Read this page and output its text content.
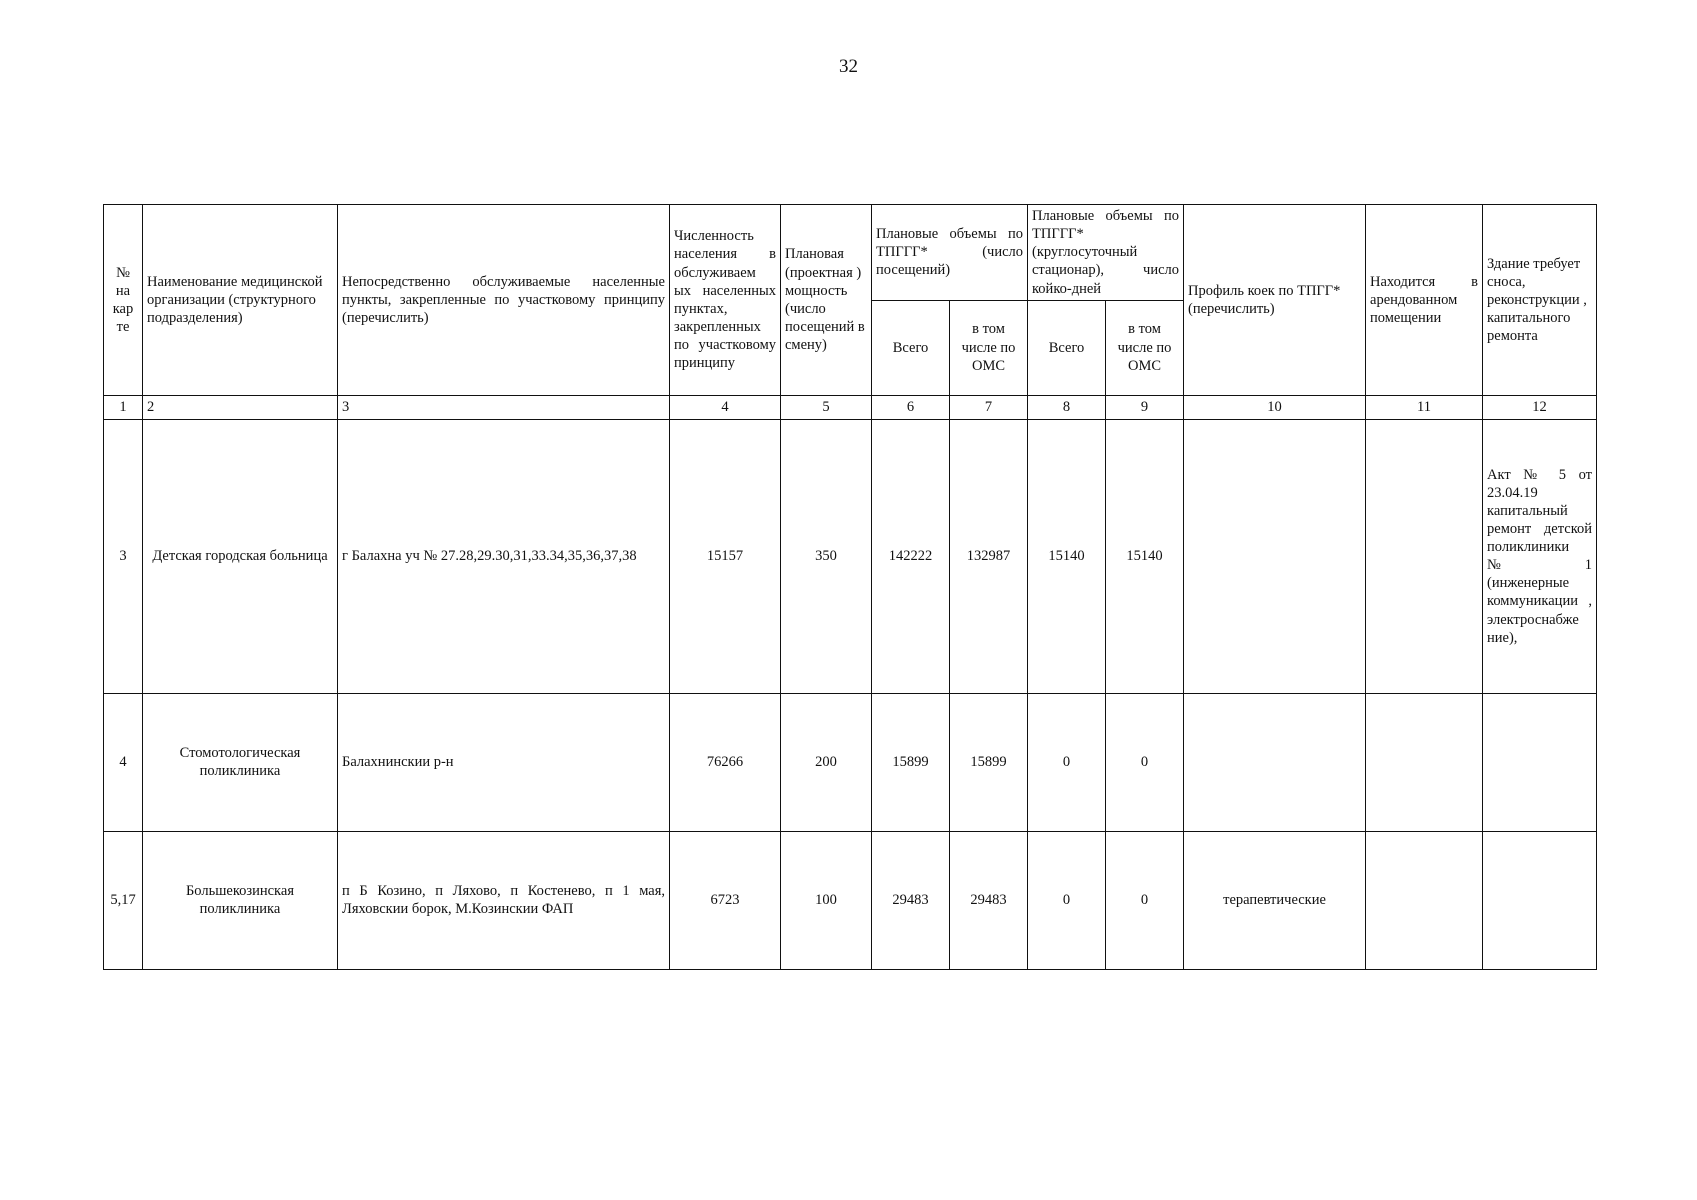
32
№ на кар те	Наименование медицинской организации (структурного подразделения)	Непосредственно обслуживаемые населенные пункты, закрепленные по участковому принципу (перечислить)	Численность населения в обслуживаем ых населенных пунктах, закрепленных по участковому принципу	Плановая (проектная ) мощность (число посещений в смену)	Плановые объемы по ТПГГГ* (число посещений)		Плановые объемы по ТПГГГ* (круглосуточный стационар), число койко-дней		Профиль коек по ТПГГ* (перечислить)	Находится в арендованном помещении	Здание требует сноса, реконструкции , капитального ремонта
					Всего	в том числе по ОМС	Всего	в том числе по ОМС			
1	2	3	4	5	6	7	8	9	10	11	12
3	Детская городская больница	г Балахна уч № 27.28,29.30,31,33.34,35,36,37,38	15157	350	142222	132987	15140	15140			Акт № 5 от 23.04.19 капитальный ремонт детской поликлиники №1 (инженерные коммуникации , электроснабже ние),
4	Стомотологическая поликлиника	Балахнинскии р-н	76266	200	15899	15899	0	0			
5,17	Большекозинская поликлиника	п Б Козино, п Ляхово, п Костенево, п 1 мая, Ляховскии борок, М.Козинскии ФАП	6723	100	29483	29483	0	0	терапевтические		
